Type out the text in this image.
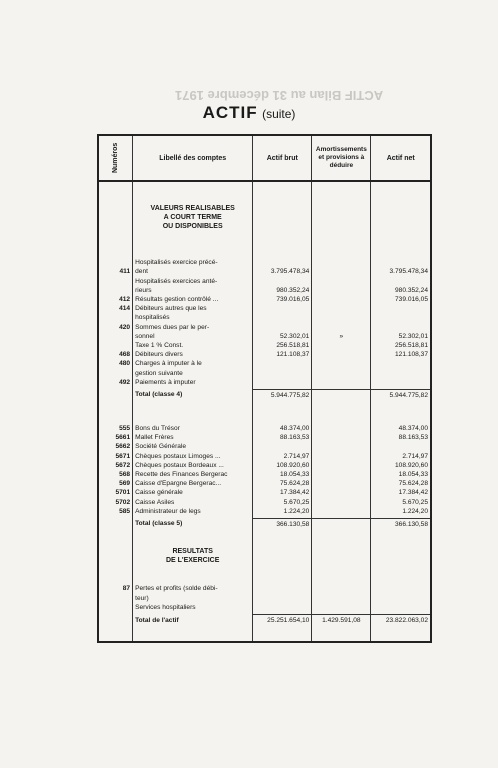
ACTIF Bilan au 31 décembre 1971
ACTIF (suite)
Numéros	Libellé des comptes	Actif brut	Amortissements et provisions à déduire	Actif net

	VALEURS REALISABLES
A COURT TERME
OU DISPONIBLES			

	Hospitalisés exercice précé-			
411	dent	3.795.478,34		3.795.478,34
	Hospitalisés exercices anté-			
	rieurs	980.352,24		980.352,24
412	Résultats gestion contrôlé ...	739.016,05		739.016,05
414	Débiteurs autres que les			
	hospitalisés			
420	Sommes dues par le per-			
	sonnel	52.302,01	»	52.302,01
	Taxe 1 % Const.	256.518,81		256.518,81
468	Débiteurs divers	121.108,37		121.108,37
480	Charges à imputer à le			
	gestion suivante			
492	Paiements à imputer			

	Total (classe 4)	5.944.775,82		5.944.775,82

555	Bons du Trésor	48.374,00		48.374,00
5661	Mallet Frères	88.163,53		88.163,53
5662	Société Générale			
5671	Chèques postaux Limoges ...	2.714,97		2.714,97
5672	Chèques postaux Bordeaux ...	108.920,60		108.920,60
568	Recette des Finances Bergerac	18.054,33		18.054,33
569	Caisse d'Epargne Bergerac...	75.624,28		75.624,28
5701	Caisse générale	17.384,42		17.384,42
5702	Caisse Asiles	5.670,25		5.670,25
585	Administrateur de legs	1.224,20		1.224,20

	Total (classe 5)	366.130,58		366.130,58

	RESULTATS
DE L'EXERCICE			

87	Pertes et profits (solde débi-			
	teur)			
	Services hospitaliers			

	Total de l'actif	25.251.654,10	1.429.591,08	23.822.063,02
